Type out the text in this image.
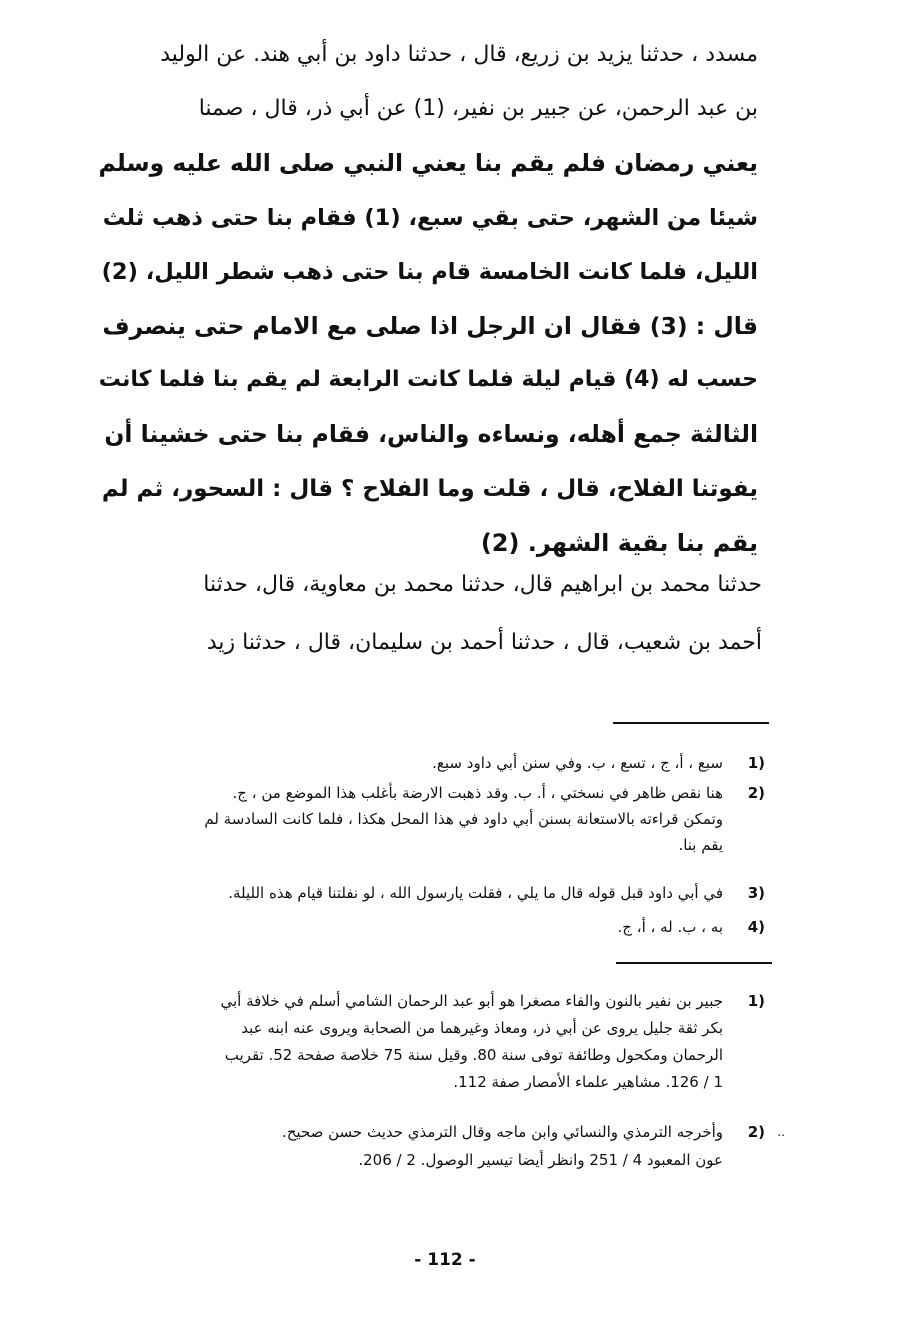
مسدد ، حدثنا يزيد بن زريع، قال ، حدثنا داود بن أبي هند. عن الوليد
بن عبد الرحمن، عن جبير بن نفير، (1) عن أبي ذر، قال ، صمنا
يعني رمضان فلم يقم بنا يعني النبي صلى الله عليه وسلم
شيئا من الشهر، حتى بقي سبع، (1) فقام بنا حتى ذهب ثلث
الليل، فلما كانت الخامسة قام بنا حتى ذهب شطر الليل، (2)
قال : (3) فقال ان الرجل اذا صلى مع الامام حتى ينصرف
حسب له (4) قيام ليلة فلما كانت الرابعة لم يقم بنا فلما كانت
الثالثة جمع أهله، ونساءه والناس، فقام بنا حتى خشينا أن
يفوتنا الفلاح، قال ، قلت وما الفلاح ؟ قال : السحور، ثم لم
يقم بنا بقية الشهر. (2)
حدثنا محمد بن ابراهيم قال، حدثنا محمد بن معاوية، قال، حدثنا
أحمد بن شعيب، قال ، حدثنا أحمد بن سليمان، قال ، حدثنا زيد
(1
سبع ، أ، ج ، تسع ، ب. وفي سنن أبي داود سبع.
(2
هنا نقص ظاهر في نسختي ، أ. ب. وقد ذهبت الارضة بأغلب هذا الموضع من ، ج.
وتمكن قراءته بالاستعانة بسنن أبي داود في هذا المحل هكذا ، فلما كانت السادسة لم
يقم بنا.
(3
في أبي داود قبل قوله قال ما يلي ، فقلت يارسول الله ، لو نفلتنا قيام هذه الليلة.
(4
به ، ب. له ، أ، ج.
(1
جبير بن نفير بالنون والفاء مصغرا هو أبو عبد الرحمان الشامي أسلم في خلافة أبي
بكر ثقة جليل يروى عن أبي ذر، ومعاذ وغيرهما من الصحابة ويروى عنه ابنه عبد
الرحمان ومكحول وطائفة توفى سنة 80. وقيل سنة 75 خلاصة صفحة 52. تقريب
1 / 126. مشاهير علماء الأمصار صفة 112.
..
(2
وأخرجه الترمذي والنسائي وابن ماجه وقال الترمذي حديث حسن صحيح.
عون المعبود 4 / 251 وانظر أيضا تيسير الوصول. 2 / 206.
- 112 -
